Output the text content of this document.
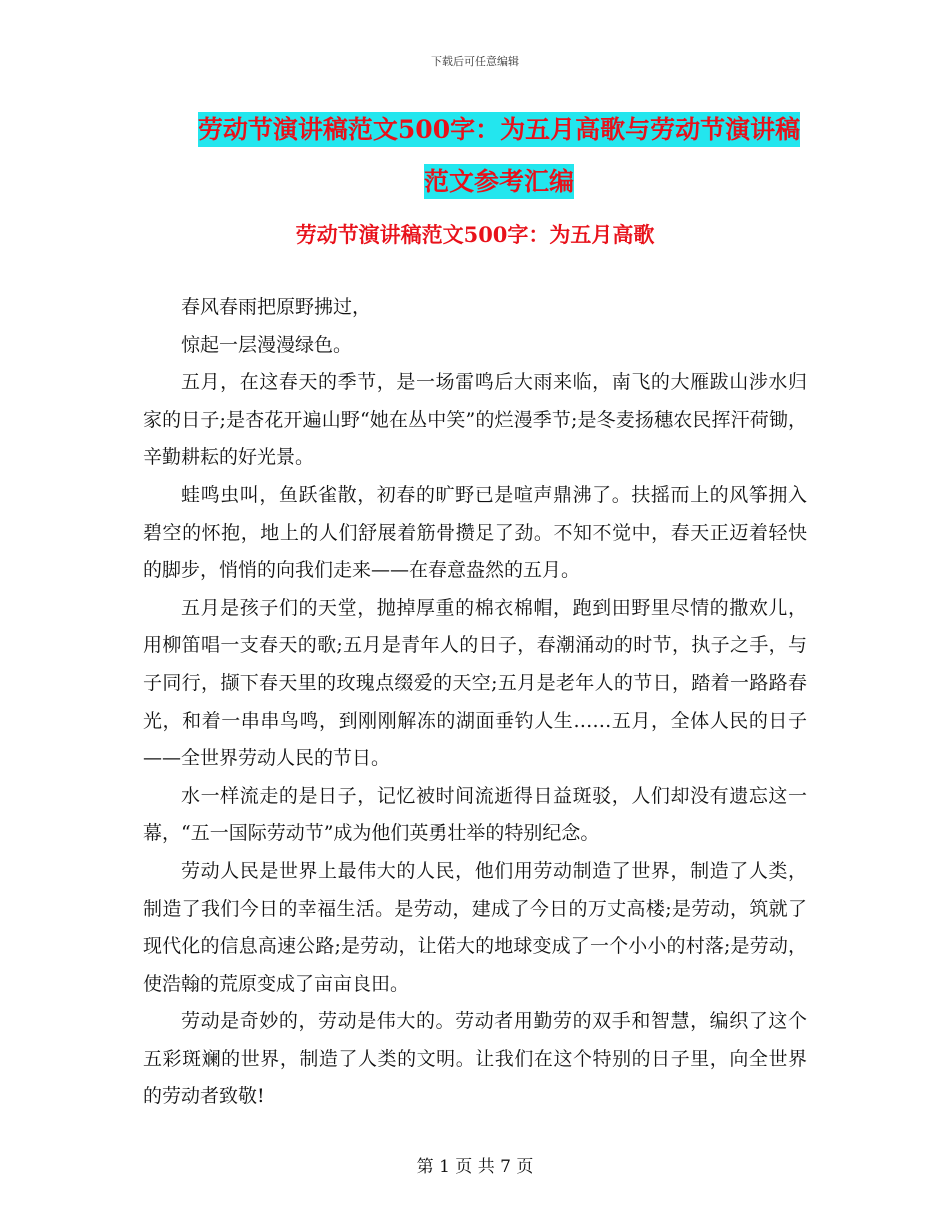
下载后可任意编辑
劳动节演讲稿范文500字：为五月高歌与劳动节演讲稿范文参考汇编
劳动节演讲稿范文500字：为五月高歌

春风春雨把原野拂过，

惊起一层漫漫绿色。

五月，在这春天的季节，是一场雷鸣后大雨来临，南飞的大雁跋山涉水归家的日子;是杏花开遍山野“她在丛中笑”的烂漫季节;是冬麦扬穗农民挥汗荷锄，辛勤耕耘的好光景。

蛙鸣虫叫，鱼跃雀散，初春的旷野已是喧声鼎沸了。扶摇而上的风筝拥入碧空的怀抱，地上的人们舒展着筋骨攒足了劲。不知不觉中，春天正迈着轻快的脚步，悄悄的向我们走来——在春意盎然的五月。

五月是孩子们的天堂，抛掉厚重的棉衣棉帽，跑到田野里尽情的撒欢儿，用柳笛唱一支春天的歌;五月是青年人的日子，春潮涌动的时节，执子之手，与子同行，撷下春天里的玫瑰点缀爱的天空;五月是老年人的节日，踏着一路路春光，和着一串串鸟鸣，到刚刚解冻的湖面垂钓人生……五月，全体人民的日子——全世界劳动人民的节日。

水一样流走的是日子，记忆被时间流逝得日益斑驳，人们却没有遗忘这一幕，“五一国际劳动节”成为他们英勇壮举的特别纪念。

劳动人民是世界上最伟大的人民，他们用劳动制造了世界，制造了人类，制造了我们今日的幸福生活。是劳动，建成了今日的万丈高楼;是劳动，筑就了现代化的信息高速公路;是劳动，让偌大的地球变成了一个小小的村落;是劳动，使浩翰的荒原变成了亩亩良田。

劳动是奇妙的，劳动是伟大的。劳动者用勤劳的双手和智慧，编织了这个五彩斑斓的世界，制造了人类的文明。让我们在这个特别的日子里，向全世界的劳动者致敬!

第 1 页 共 7 页
